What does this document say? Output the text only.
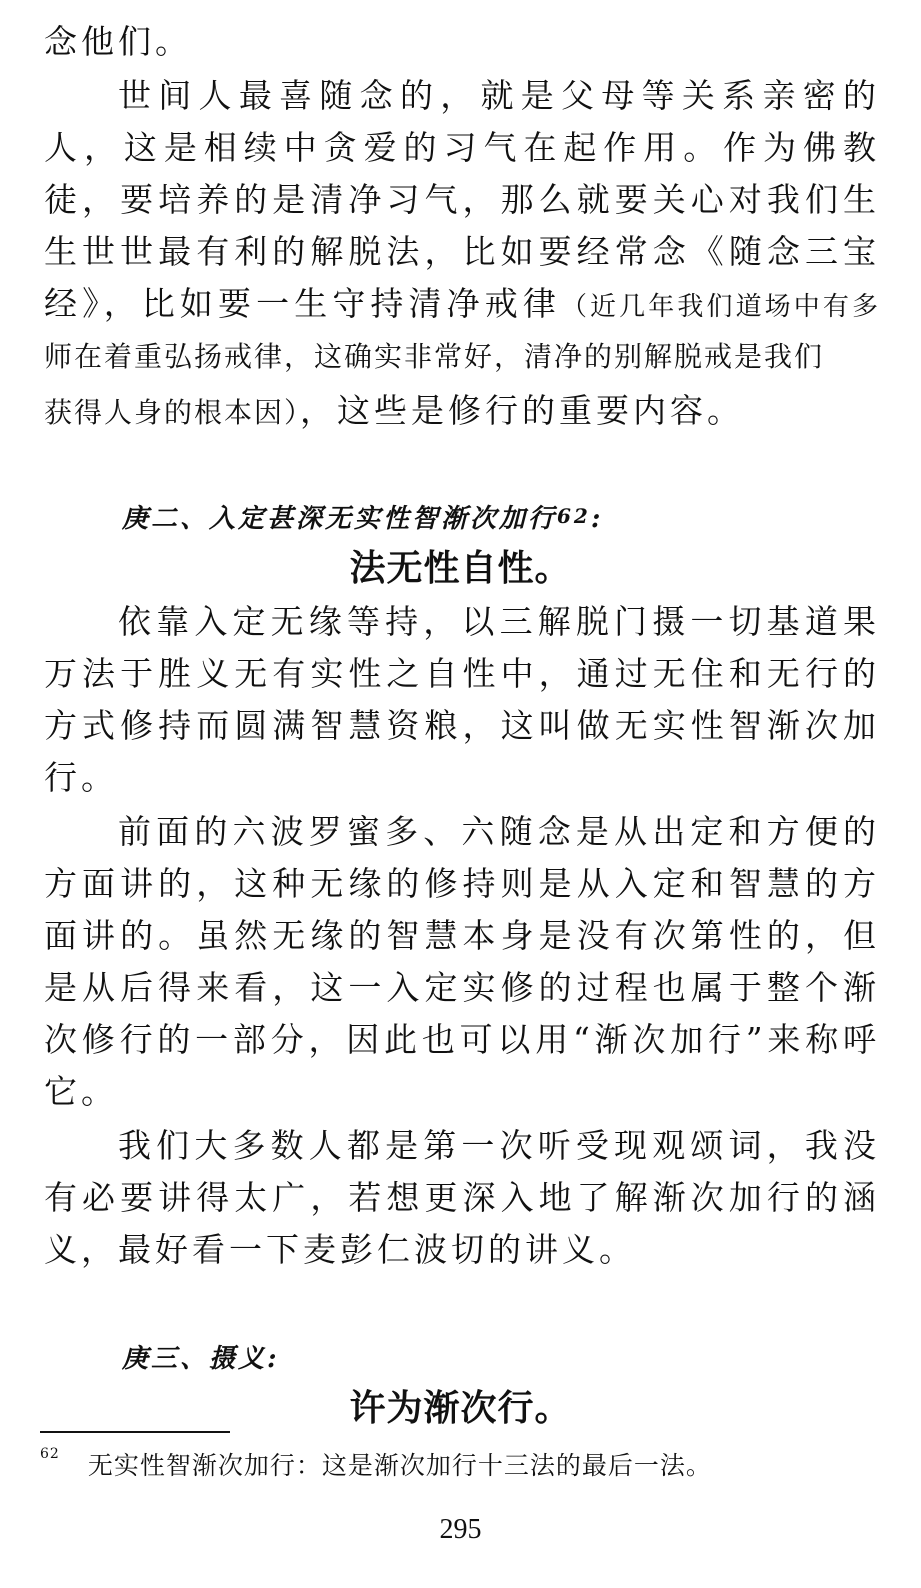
念他们。

世间人最喜随念的，就是父母等关系亲密的人，这是相续中贪爱的习气在起作用。作为佛教徒，要培养的是清净习气，那么就要关心对我们生生世世最有利的解脱法，比如要经常念《随念三宝经》，比如要一生守持清净戒律（近几年我们道场中有多

师在着重弘扬戒律，这确实非常好，清净的别解脱戒是我们
获得人身的根本因），这些是修行的重要内容。

庚二、入定甚深无实性智渐次加行62:

法无性自性。

依靠入定无缘等持，以三解脱门摄一切基道果万法于胜义无有实性之自性中，通过无住和无行的方式修持而圆满智慧资粮，这叫做无实性智渐次加行。

前面的六波罗蜜多、六随念是从出定和方便的方面讲的，这种无缘的修持则是从入定和智慧的方面讲的。虽然无缘的智慧本身是没有次第性的，但是从后得来看，这一入定实修的过程也属于整个渐次修行的一部分，因此也可以用“渐次加行”来称呼它。

我们大多数人都是第一次听受现观颂词，我没有必要讲得太广，若想更深入地了解渐次加行的涵义，最好看一下麦彭仁波切的讲义。

庚三、摄义:

许为渐次行。

$^{62}$ 无实性智渐次加行：这是渐次加行十三法的最后一法。

295
